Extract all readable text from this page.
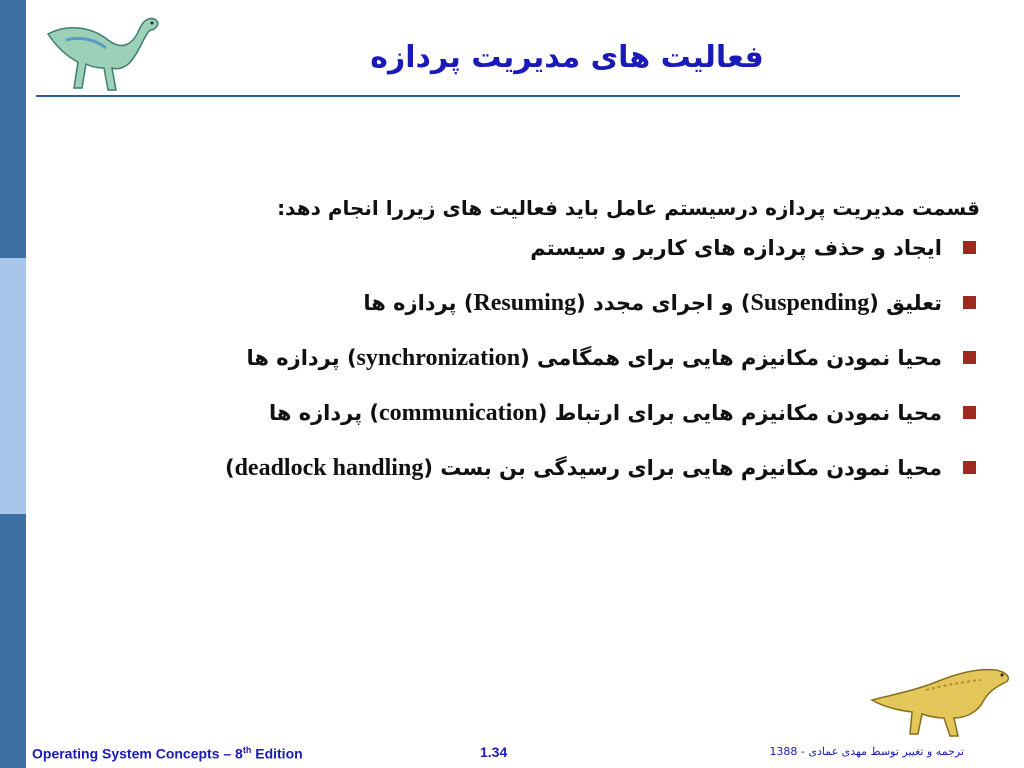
فعالیت های مدیریت پردازه

قسمت مدیریت پردازه درسیستم عامل باید فعالیت های زیررا انجام دهد:

ایجاد و حذف پردازه های کاربر و سیستم
تعلیق (Suspending) و اجرای مجدد (Resuming) پردازه ها
محیا نمودن مکانیزم هایی برای همگامی (synchronization) پردازه ها
محیا نمودن مکانیزم هایی برای ارتباط (communication) پردازه ها
محیا نمودن مکانیزم هایی برای رسیدگی بن بست (deadlock handling)
Operating System Concepts – 8th Edition	1.34	ترجمه و تغییر توسط مهدی عمادی - 1388
